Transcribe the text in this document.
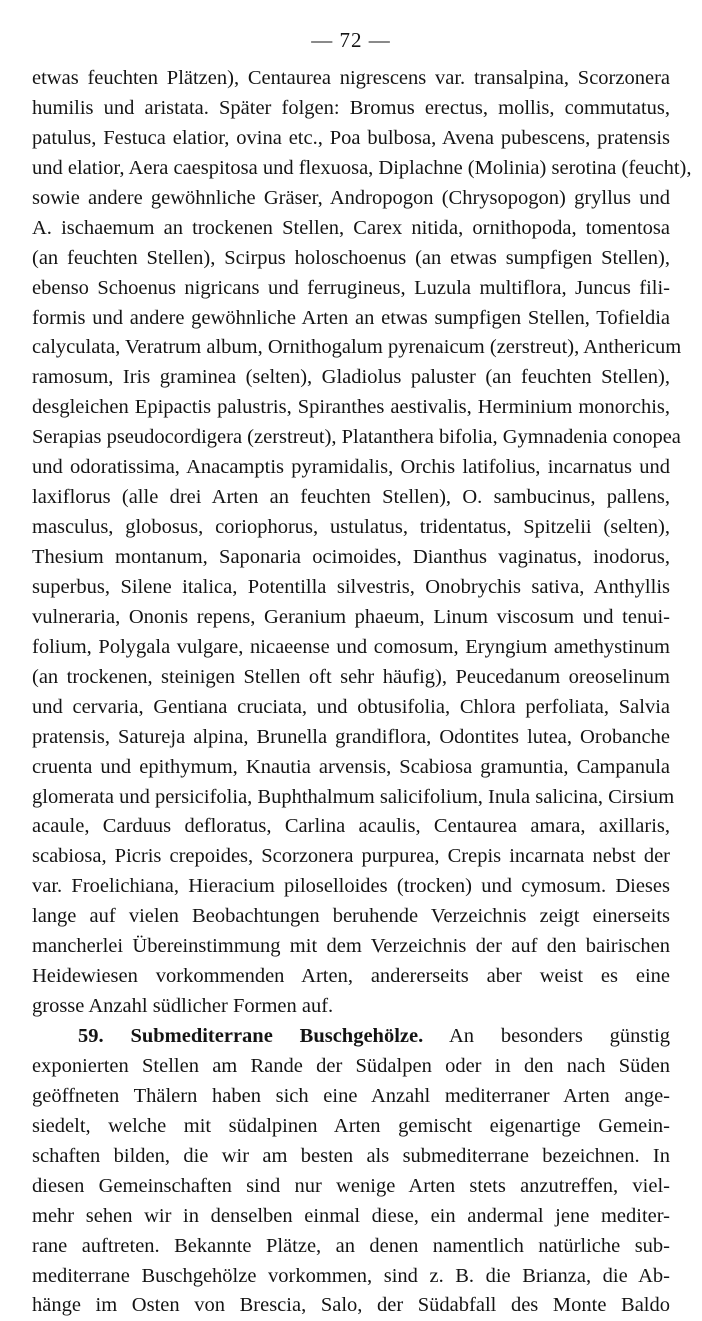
— 72 —
etwas feuchten Plätzen), Centaurea nigrescens var. transalpina, Scorzonera
humilis und aristata. Später folgen: Bromus erectus, mollis, commutatus,
patulus, Festuca elatior, ovina etc., Poa bulbosa, Avena pubescens, pratensis
und elatior, Aera caespitosa und flexuosa, Diplachne (Molinia) serotina (feucht),
sowie andere gewöhnliche Gräser, Andropogon (Chrysopogon) gryllus und
A. ischaemum an trockenen Stellen, Carex nitida, ornithopoda, tomentosa
(an feuchten Stellen), Scirpus holoschoenus (an etwas sumpfigen Stellen),
ebenso Schoenus nigricans und ferrugineus, Luzula multiflora, Juncus fili-
formis und andere gewöhnliche Arten an etwas sumpfigen Stellen, Tofieldia
calyculata, Veratrum album, Ornithogalum pyrenaicum (zerstreut), Anthericum
ramosum, Iris graminea (selten), Gladiolus paluster (an feuchten Stellen),
desgleichen Epipactis palustris, Spiranthes aestivalis, Herminium monorchis,
Serapias pseudocordigera (zerstreut), Platanthera bifolia, Gymnadenia conopea
und odoratissima, Anacamptis pyramidalis, Orchis latifolius, incarnatus und
laxiflorus (alle drei Arten an feuchten Stellen), O. sambucinus, pallens,
masculus, globosus, coriophorus, ustulatus, tridentatus, Spitzelii (selten),
Thesium montanum, Saponaria ocimoides, Dianthus vaginatus, inodorus,
superbus, Silene italica, Potentilla silvestris, Onobrychis sativa, Anthyllis
vulneraria, Ononis repens, Geranium phaeum, Linum viscosum und tenui-
folium, Polygala vulgare, nicaeense und comosum, Eryngium amethystinum
(an trockenen, steinigen Stellen oft sehr häufig), Peucedanum oreoselinum
und cervaria, Gentiana cruciata, und obtusifolia, Chlora perfoliata, Salvia
pratensis, Satureja alpina, Brunella grandiflora, Odontites lutea, Orobanche
cruenta und epithymum, Knautia arvensis, Scabiosa gramuntia, Campanula
glomerata und persicifolia, Buphthalmum salicifolium, Inula salicina, Cirsium
acaule, Carduus defloratus, Carlina acaulis, Centaurea amara, axillaris,
scabiosa, Picris crepoides, Scorzonera purpurea, Crepis incarnata nebst der
var. Froelichiana, Hieracium piloselloides (trocken) und cymosum. Dieses
lange auf vielen Beobachtungen beruhende Verzeichnis zeigt einerseits
mancherlei Übereinstimmung mit dem Verzeichnis der auf den bairischen
Heidewiesen vorkommenden Arten, andererseits aber weist es eine
grosse Anzahl südlicher Formen auf.
59. Submediterrane Buschgehölze. An besonders günstig
exponierten Stellen am Rande der Südalpen oder in den nach Süden
geöffneten Thälern haben sich eine Anzahl mediterraner Arten ange-
siedelt, welche mit südalpinen Arten gemischt eigenartige Gemein-
schaften bilden, die wir am besten als submediterrane bezeichnen. In
diesen Gemeinschaften sind nur wenige Arten stets anzutreffen, viel-
mehr sehen wir in denselben einmal diese, ein andermal jene mediter-
rane auftreten. Bekannte Plätze, an denen namentlich natürliche sub-
mediterrane Buschgehölze vorkommen, sind z. B. die Brianza, die Ab-
hänge im Osten von Brescia, Salo, der Südabfall des Monte Baldo
